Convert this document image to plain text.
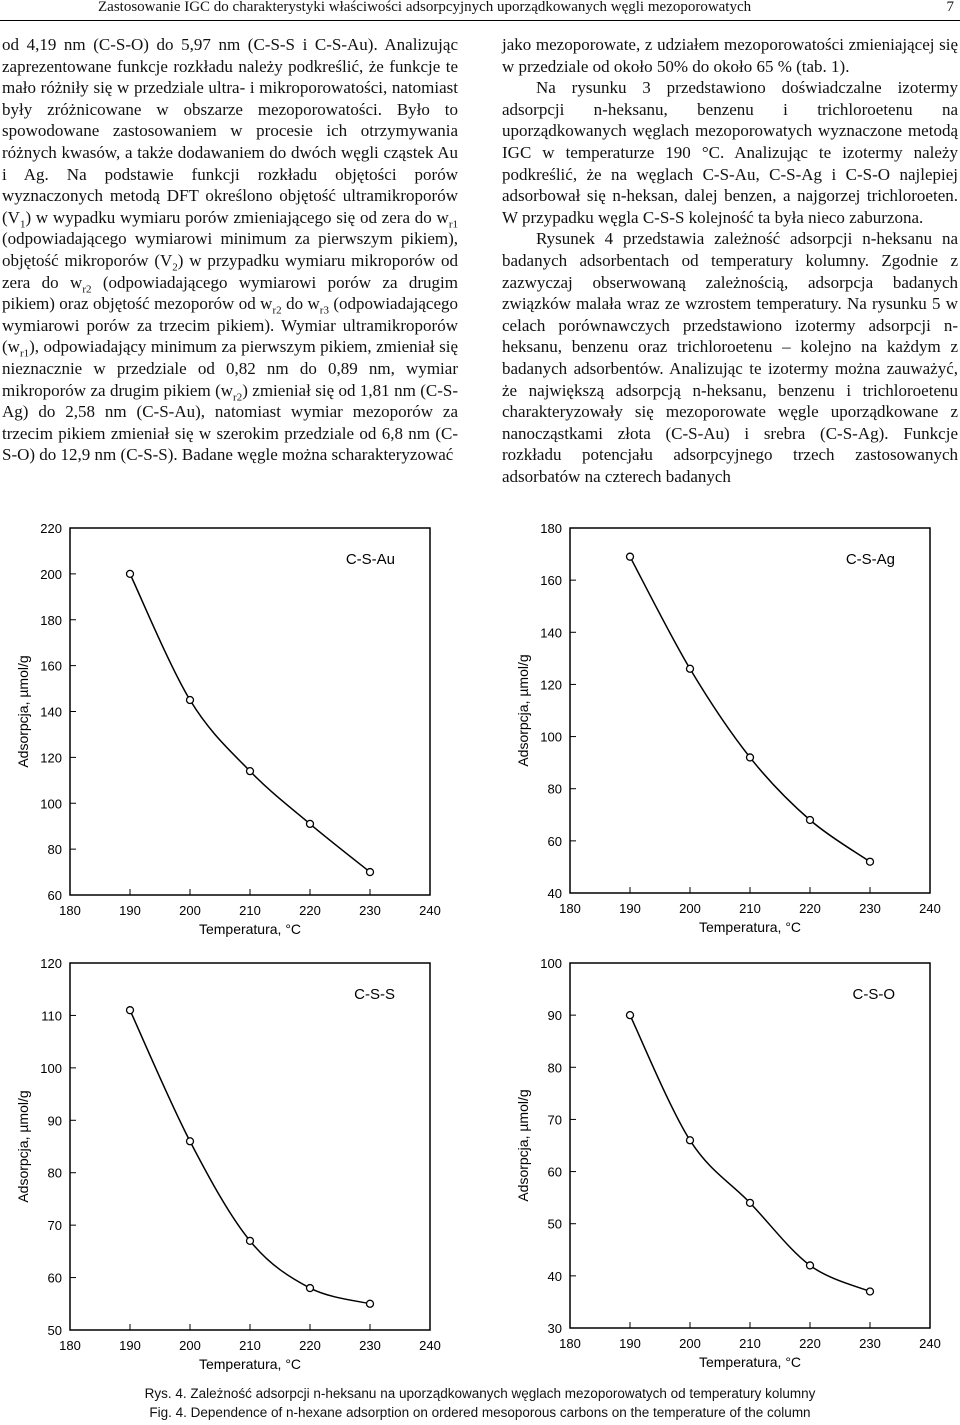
Zastosowanie IGC do charakterystyki właściwości adsorpcyjnych uporządkowanych węgli mezoporowatych	7

od 4,19 nm (C-S-O) do 5,97 nm (C-S-S i C-S-Au). Analizując zaprezentowane funkcje rozkładu należy podkreślić, że funkcje te mało różniły się w przedziale ultra- i mikroporowatości, natomiast były zróżnicowane w obszarze mezoporowatości. Było to spowodowane zastosowaniem w procesie ich otrzymywania różnych kwasów, a także dodawaniem do dwóch węgli cząstek Au i Ag. Na podstawie funkcji rozkładu objętości porów wyznaczonych metodą DFT określono objętość ultramikroporów $(V_1)$ w wypadku wymiaru porów zmieniającego się od zera do $w_{r1}$ (odpowiadającego wymiarowi minimum za pierwszym pikiem), objętość mikroporów $(V_2)$ w przypadku wymiaru mikroporów od zera do $w_{r2}$ (odpowiadającego wymiarowi porów za drugim pikiem) oraz objętość mezoporów od $w_{r2}$ do $w_{r3}$ (odpowiadającego wymiarowi porów za trzecim pikiem). Wymiar ultramikroporów $(w_{r1})$, odpowiadający minimum za pierwszym pikiem, zmieniał się nieznacznie w przedziale od 0,82 nm do 0,89 nm, wymiar mikroporów za drugim pikiem $(w_{r2})$ zmieniał się od 1,81 nm (C-S-Ag) do 2,58 nm (C-S-Au), natomiast wymiar mezoporów za trzecim pikiem zmieniał się w szerokim przedziale od 6,8 nm (C-S-O) do 12,9 nm (C-S-S). Badane węgle można scharakteryzować

jako mezoporowate, z udziałem mezoporowatości zmieniającej się w przedziale od około 50% do około 65 % (tab. 1).

Na rysunku 3 przedstawiono doświadczalne izotermy adsorpcji n-heksanu, benzenu i trichloroetenu na uporządkowanych węglach mezoporowatych wyznaczone metodą IGC w temperaturze 190 °C. Analizując te izotermy należy podkreślić, że na węglach C-S-Au, C-S-Ag i C-S-O najlepiej adsorbował się n-heksan, dalej benzen, a najgorzej trichloroeten. W przypadku węgla C-S-S kolejność ta była nieco zaburzona.

Rysunek 4 przedstawia zależność adsorpcji n-heksanu na badanych adsorbentach od temperatury kolumny. Zgodnie z zazwyczaj obserwowaną zależnością, adsorpcja badanych związków malała wraz ze wzrostem temperatury. Na rysunku 5 w celach porównawczych przedstawiono izotermy adsorpcji n-heksanu, benzenu oraz trichloroetenu – kolejno na każdym z badanych adsorbentów. Analizując te izotermy można zauważyć, że największą adsorpcją n-heksanu, benzenu i trichloroetenu charakteryzowały się mezoporowate węgle uporządkowane z nanocząstkami złota (C-S-Au) i srebra (C-S-Ag). Funkcje rozkładu potencjału adsorpcyjnego trzech zastosowanych adsorbatów na czterech badanych

60
80
100
120
140
160
180
200
220
180	190	200	210	220	230	240
Temperatura, °C
Adsorpcja, µmol/g
C-S-Au
40
60
80
100
120
140
160
180
180	190	200	210	220	230	240
Temperatura, °C
Adsorpcja, µmol/g
C-S-Ag
50
60
70
80
90
100
110
120
180	190	200	210	220	230	240
Temperatura, °C
Adsorpcja, µmol/g
C-S-S
30
40
50
60
70
80
90
100
180	190	200	210	220	230	240
Temperatura, °C
Adsorpcja, µmol/g
C-S-O
Rys. 4. Zależność adsorpcji n-heksanu na uporządkowanych węglach mezoporowatych od temperatury kolumny
Fig. 4. Dependence of n-hexane adsorption on ordered mesoporous carbons on the temperature of the column
